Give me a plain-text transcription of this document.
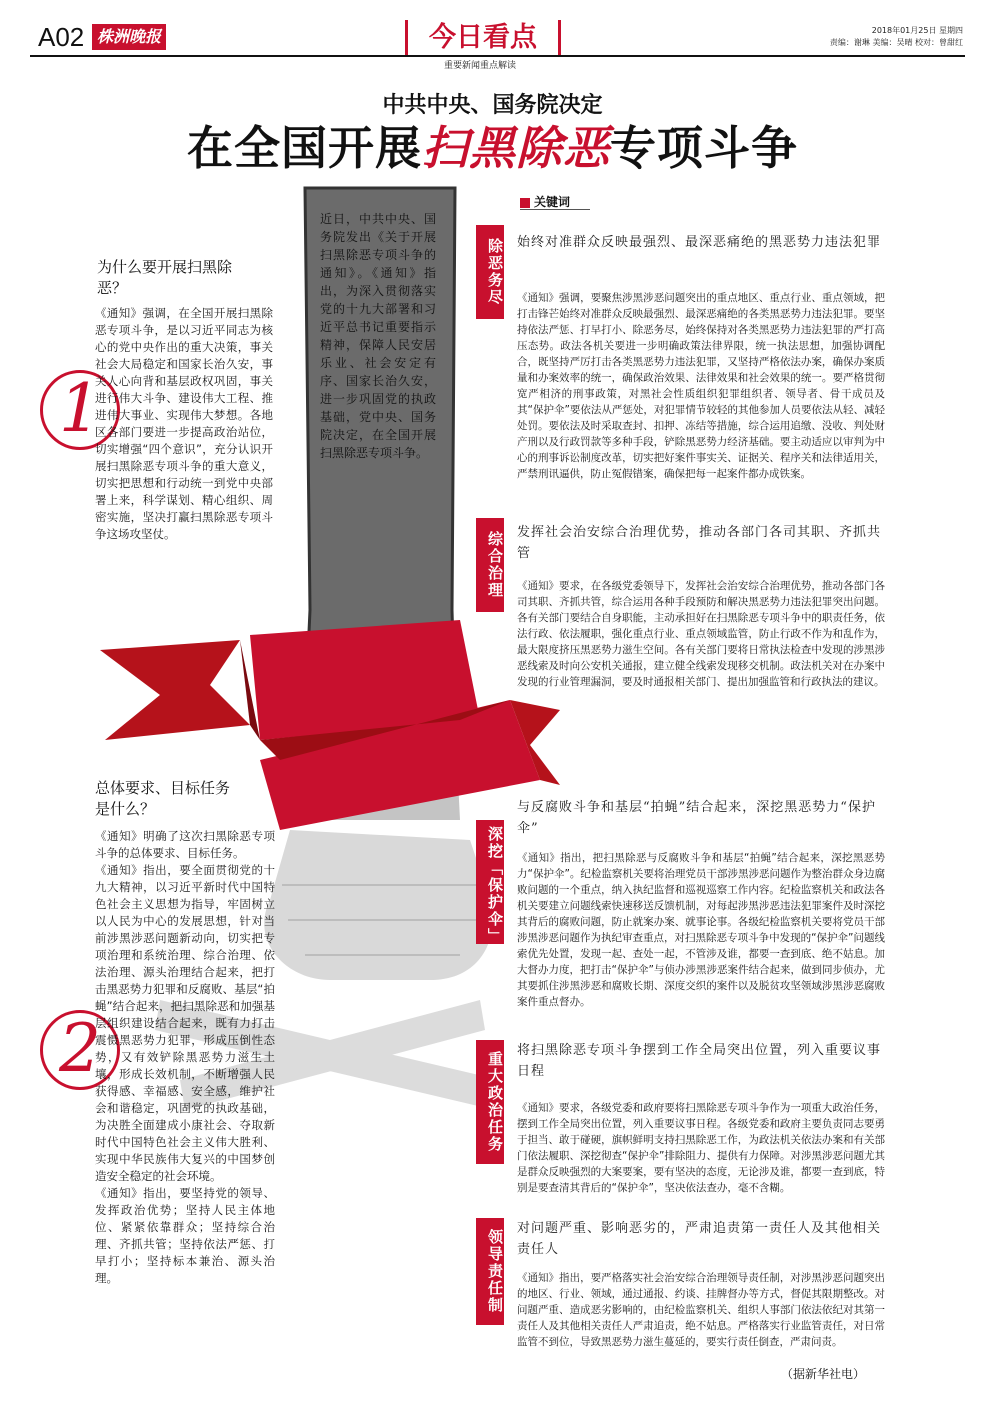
A02 株洲晚报	今日看点
重要新闻重点解读
2018年01月25日 星期四
责编：谢琳 美编：吴晴 校对：曾甜红
中共中央、国务院决定
在全国开展扫黑除恶专项斗争
近日，中共中央、国务院发出《关于开展扫黑除恶专项斗争的通知》。《通知》指出，为深入贯彻落实党的十九大部署和习近平总书记重要指示精神，保障人民安居乐业、社会安定有序、国家长治久安，进一步巩固党的执政基础，党中央、国务院决定，在全国开展扫黑除恶专项斗争。
为什么要开展扫黑除恶？
1
《通知》强调，在全国开展扫黑除恶专项斗争，是以习近平同志为核心的党中央作出的重大决策，事关社会大局稳定和国家长治久安，事关人心向背和基层政权巩固，事关进行伟大斗争、建设伟大工程、推进伟大事业、实现伟大梦想。各地区各部门要进一步提高政治站位，切实增强“四个意识”，充分认识开展扫黑除恶专项斗争的重大意义，切实把思想和行动统一到党中央部署上来，科学谋划、精心组织、周密实施，坚决打赢扫黑除恶专项斗争这场攻坚仗。
总体要求、目标任务是什么？
2
《通知》明确了这次扫黑除恶专项斗争的总体要求、目标任务。
《通知》指出，要全面贯彻党的十九大精神，以习近平新时代中国特色社会主义思想为指导，牢固树立以人民为中心的发展思想，针对当前涉黑涉恶问题新动向，切实把专项治理和系统治理、综合治理、依法治理、源头治理结合起来，把打击黑恶势力犯罪和反腐败、基层“拍蝇”结合起来，把扫黑除恶和加强基层组织建设结合起来，既有力打击震慑黑恶势力犯罪，形成压倒性态势，又有效铲除黑恶势力滋生土壤，形成长效机制，不断增强人民获得感、幸福感、安全感，维护社会和谐稳定，巩固党的执政基础，为决胜全面建成小康社会、夺取新时代中国特色社会主义伟大胜利、实现中华民族伟大复兴的中国梦创造安全稳定的社会环境。
《通知》指出，要坚持党的领导、发挥政治优势；坚持人民主体地位、紧紧依靠群众；坚持综合治理、齐抓共管；坚持依法严惩、打早打小；坚持标本兼治、源头治理。
关键词
除恶务尽 始终对准群众反映最强烈、最深恶痛绝的黑恶势力违法犯罪
《通知》强调，要聚焦涉黑涉恶问题突出的重点地区、重点行业、重点领域，把打击锋芒始终对准群众反映最强烈、最深恶痛绝的各类黑恶势力违法犯罪。要坚持依法严惩、打早打小、除恶务尽，始终保持对各类黑恶势力违法犯罪的严打高压态势。政法各机关要进一步明确政策法律界限，统一执法思想，加强协调配合，既坚持严厉打击各类黑恶势力违法犯罪，又坚持严格依法办案，确保办案质量和办案效率的统一，确保政治效果、法律效果和社会效果的统一。要严格贯彻宽严相济的刑事政策，对黑社会性质组织犯罪组织者、领导者、骨干成员及其“保护伞”要依法从严惩处，对犯罪情节较轻的其他参加人员要依法从轻、减轻处罚。要依法及时采取查封、扣押、冻结等措施，综合运用追缴、没收、判处财产刑以及行政罚款等多种手段，铲除黑恶势力经济基础。要主动适应以审判为中心的刑事诉讼制度改革，切实把好案件事实关、证据关、程序关和法律适用关，严禁刑讯逼供，防止冤假错案，确保把每一起案件都办成铁案。
综合治理 发挥社会治安综合治理优势，推动各部门各司其职、齐抓共管
《通知》要求，在各级党委领导下，发挥社会治安综合治理优势，推动各部门各司其职、齐抓共管，综合运用各种手段预防和解决黑恶势力违法犯罪突出问题。各有关部门要结合自身职能，主动承担好在扫黑除恶专项斗争中的职责任务，依法行政、依法履职，强化重点行业、重点领域监管，防止行政不作为和乱作为，最大限度挤压黑恶势力滋生空间。各有关部门要将日常执法检查中发现的涉黑涉恶线索及时向公安机关通报，建立健全线索发现移交机制。政法机关对在办案中发现的行业管理漏洞，要及时通报相关部门、提出加强监管和行政执法的建议。
深挖「保护伞」
与反腐败斗争和基层“拍蝇”结合起来，深挖黑恶势力“保护伞”
《通知》指出，把扫黑除恶与反腐败斗争和基层“拍蝇”结合起来，深挖黑恶势力“保护伞”。纪检监察机关要将治理党员干部涉黑涉恶问题作为整治群众身边腐败问题的一个重点，纳入执纪监督和巡视巡察工作内容。纪检监察机关和政法各机关要建立问题线索快速移送反馈机制，对每起涉黑涉恶违法犯罪案件及时深挖其背后的腐败问题，防止就案办案、就事论事。各级纪检监察机关要将党员干部涉黑涉恶问题作为执纪审查重点，对扫黑除恶专项斗争中发现的“保护伞”问题线索优先处置，发现一起、查处一起，不管涉及谁，都要一查到底、绝不姑息。加大督办力度，把打击“保护伞”与侦办涉黑涉恶案件结合起来，做到同步侦办，尤其要抓住涉黑涉恶和腐败长期、深度交织的案件以及脱贫攻坚领域涉黑涉恶腐败案件重点督办。
重大政治任务
将扫黑除恶专项斗争摆到工作全局突出位置，列入重要议事日程
《通知》要求，各级党委和政府要将扫黑除恶专项斗争作为一项重大政治任务，摆到工作全局突出位置，列入重要议事日程。各级党委和政府主要负责同志要勇于担当、敢于碰硬，旗帜鲜明支持扫黑除恶工作，为政法机关依法办案和有关部门依法履职、深挖彻查“保护伞”排除阻力、提供有力保障。对涉黑涉恶问题尤其是群众反映强烈的大案要案，要有坚决的态度，无论涉及谁，都要一查到底，特别是要查清其背后的“保护伞”，坚决依法查办，毫不含糊。
领导责任制
对问题严重、影响恶劣的，严肃追责第一责任人及其他相关责任人
《通知》指出，要严格落实社会治安综合治理领导责任制，对涉黑涉恶问题突出的地区、行业、领域，通过通报、约谈、挂牌督办等方式，督促其限期整改。对问题严重、造成恶劣影响的，由纪检监察机关、组织人事部门依法依纪对其第一责任人及其他相关责任人严肃追责，绝不姑息。严格落实行业监管责任，对日常监管不到位，导致黑恶势力滋生蔓延的，要实行责任倒查，严肃问责。
（据新华社电）
